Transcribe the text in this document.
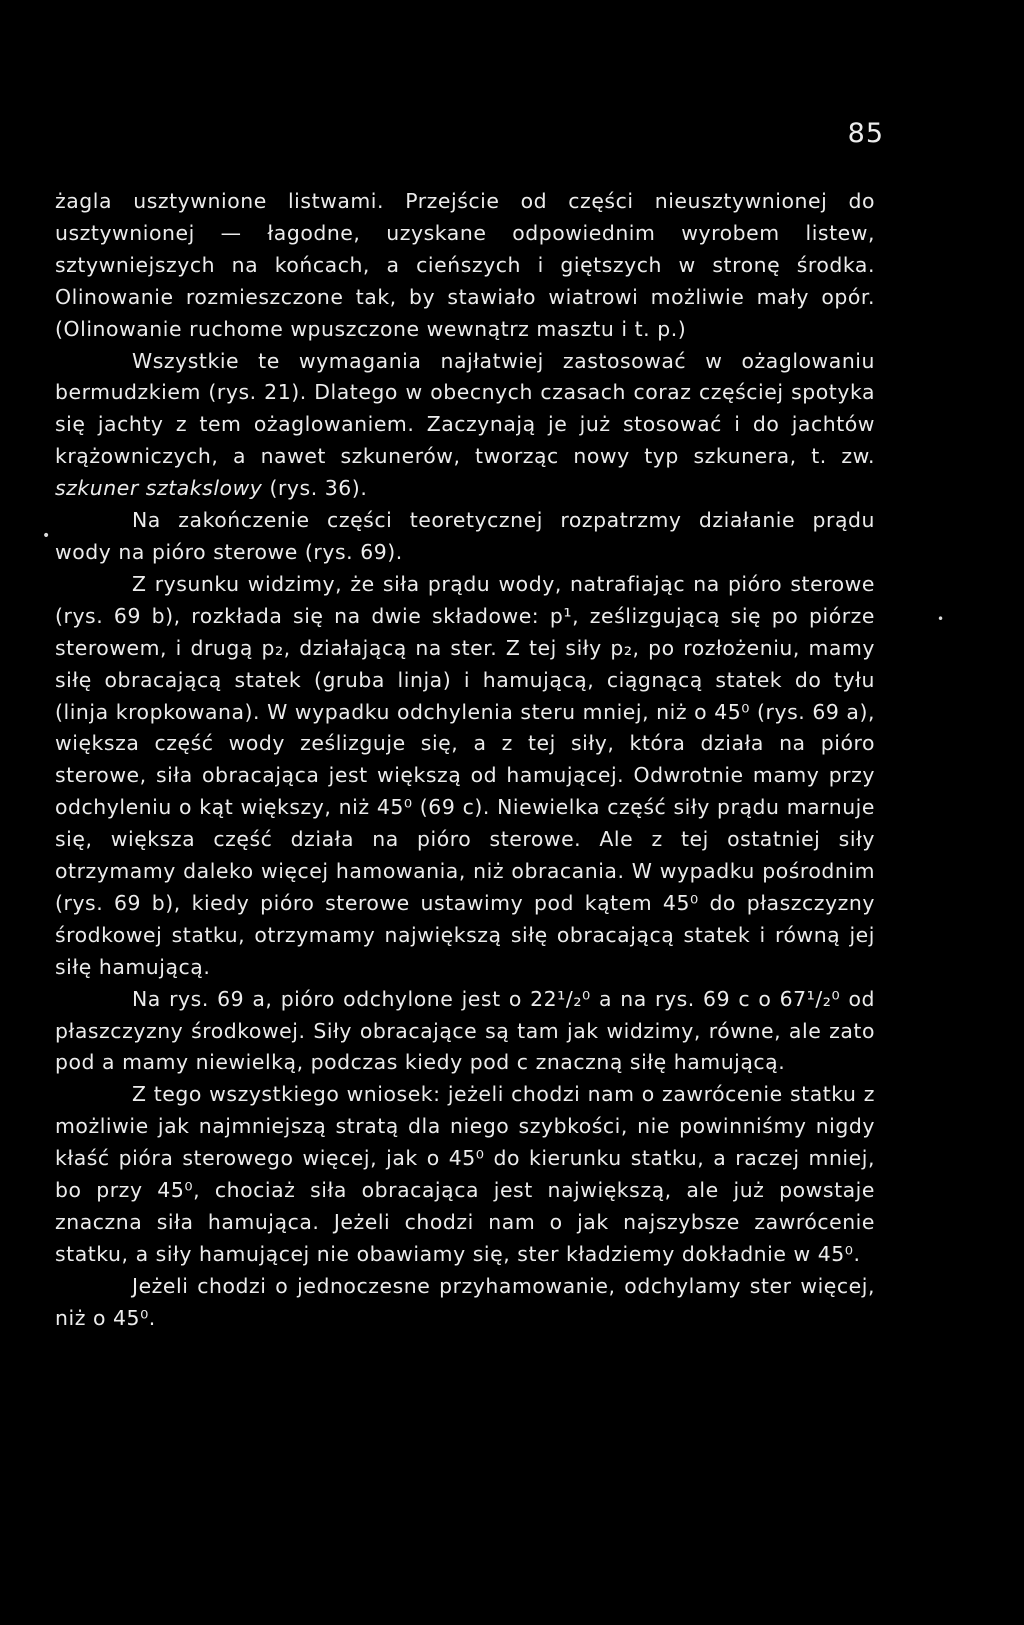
85
•
•

żagla usztywnione listwami. Przejście od części nieusztywnionej do usztywnionej — łagodne, uzyskane odpowiednim wyrobem listew, sztywniejszych na końcach, a cieńszych i giętszych w stronę środka. Olinowanie rozmieszczone tak, by stawiało wiatrowi możliwie mały opór. (Olinowanie ruchome wpuszczone wewnątrz masztu i t. p.)

Wszystkie te wymagania najłatwiej zastosować w ożaglowaniu bermudzkiem (rys. 21). Dlatego w obecnych czasach coraz częściej spotyka się jachty z tem ożaglowaniem. Zaczynają je już stosować i do jachtów krążowniczych, a nawet szkunerów, tworząc nowy typ szkunera, t. zw. szkuner sztakslowy (rys. 36).

Na zakończenie części teoretycznej rozpatrzmy działanie prądu wody na pióro sterowe (rys. 69).

Z rysunku widzimy, że siła prądu wody, natrafiając na pióro sterowe (rys. 69 b), rozkłada się na dwie składowe: p¹, ześlizgującą się po piórze sterowem, i drugą p₂, działającą na ster. Z tej siły p₂, po rozłożeniu, mamy siłę obracającą statek (gruba linja) i hamującą, ciągnącą statek do tyłu (linja kropkowana). W wypadku odchylenia steru mniej, niż o 45⁰ (rys. 69 a), większa część wody ześlizguje się, a z tej siły, która działa na pióro sterowe, siła obracająca jest większą od hamującej. Odwrotnie mamy przy odchyleniu o kąt większy, niż 45⁰ (69 c). Niewielka część siły prądu marnuje się, większa część działa na pióro sterowe. Ale z tej ostatniej siły otrzymamy daleko więcej hamowania, niż obracania. W wypadku pośrodnim (rys. 69 b), kiedy pióro sterowe ustawimy pod kątem 45⁰ do płaszczyzny środkowej statku, otrzymamy największą siłę obracającą statek i równą jej siłę hamującą.

Na rys. 69 a, pióro odchylone jest o 22¹/₂⁰ a na rys. 69 c o 67¹/₂⁰ od płaszczyzny środkowej. Siły obracające są tam jak widzimy, równe, ale zato pod a mamy niewielką, podczas kiedy pod c znaczną siłę hamującą.

Z tego wszystkiego wniosek: jeżeli chodzi nam o zawrócenie statku z możliwie jak najmniejszą stratą dla niego szybkości, nie powinniśmy nigdy kłaść pióra sterowego więcej, jak o 45⁰ do kierunku statku, a raczej mniej, bo przy 45⁰, chociaż siła obracająca jest największą, ale już powstaje znaczna siła hamująca. Jeżeli chodzi nam o jak najszybsze zawrócenie statku, a siły hamującej nie obawiamy się, ster kładziemy dokładnie w 45⁰.

Jeżeli chodzi o jednoczesne przyhamowanie, odchylamy ster więcej, niż o 45⁰.
